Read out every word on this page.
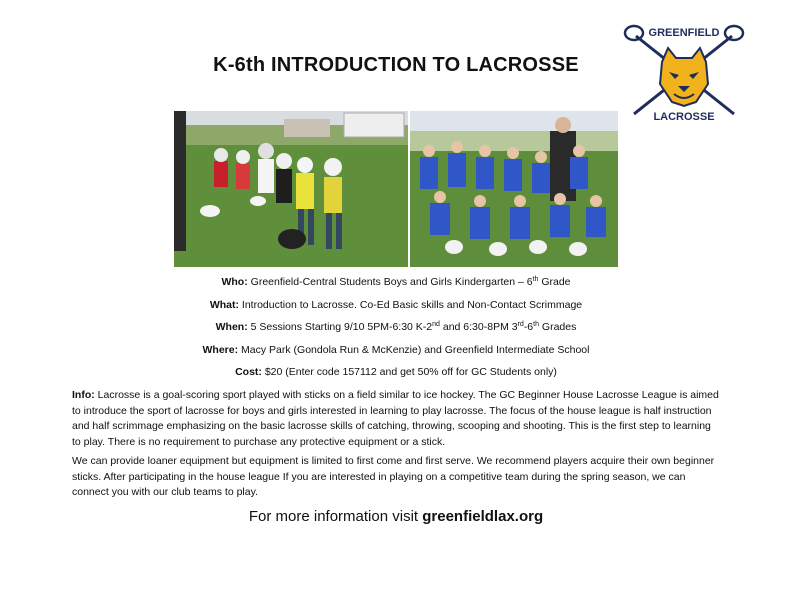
K-6th INTRODUCTION TO LACROSSE
GREENFIELD
LACROSSE
Who: Greenfield-Central Students Boys and Girls Kindergarten – 6th Grade
What: Introduction to Lacrosse. Co-Ed Basic skills and Non-Contact Scrimmage
When: 5 Sessions Starting 9/10 5PM-6:30 K-2nd and 6:30-8PM 3rd-6th Grades
Where: Macy Park (Gondola Run & McKenzie) and Greenfield Intermediate School
Cost: $20 (Enter code 157112 and get 50% off for GC Students only)

Info: Lacrosse is a goal-scoring sport played with sticks on a field similar to ice hockey. The GC Beginner House Lacrosse League is aimed to introduce the sport of lacrosse for boys and girls interested in learning to play lacrosse. The focus of the house league is half instruction and half scrimmage emphasizing on the basic lacrosse skills of catching, throwing, scooping and shooting. This is the first step to learning to play. There is no requirement to purchase any protective equipment or a stick.

We can provide loaner equipment but equipment is limited to first come and first serve. We recommend players acquire their own beginner sticks. After participating in the house league If you are interested in playing on a competitive team during the spring season, we can connect you with our club teams to play.

For more information visit greenfieldlax.org
